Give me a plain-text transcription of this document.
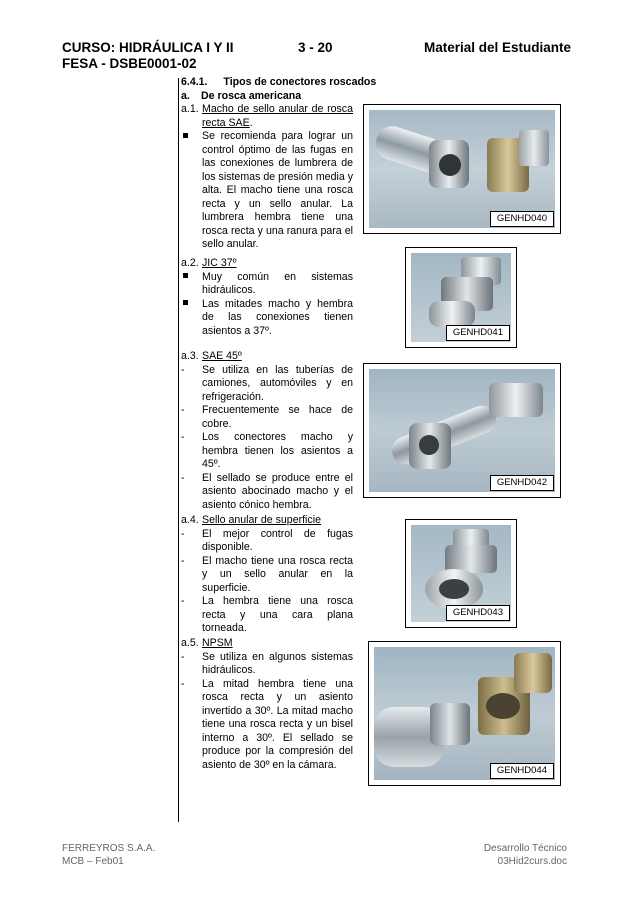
CURSO: HIDRÁULICA I Y II	3 - 20	Material del Estudiante
FESA - DSBE0001-02
6.4.1. Tipos de conectores roscados
a. De rosca americana
a.1. Macho de sello anular de rosca recta SAE.
Se recomienda para lograr un control óptimo de las fugas en las conexiones de lumbrera de los sistemas de presión media y alta. El macho tiene una rosca recta y un sello anular. La lumbrera hembra tiene una rosca recta y una ranura para el sello anular.
a.2. JIC 37º
Muy común en sistemas hidráulicos.
Las mitades macho y hembra de las conexiones tienen asientos a 37º.
a.3. SAE 45º
-	Se utiliza en las tuberías de camiones, automóviles y en refrigeración.
-	Frecuentemente se hace de cobre.
-	Los conectores macho y hembra tienen los asientos a 45º.
-	El sellado se produce entre el asiento abocinado macho y el asiento cónico hembra.
a.4. Sello anular de superficie
-	El mejor control de fugas disponible.
-	El macho tiene una rosca recta y un sello anular en la superficie.
-	La hembra tiene una rosca recta y una cara plana torneada.
a.5. NPSM
-	Se utiliza en algunos sistemas hidráulicos.
-	La mitad hembra tiene una rosca recta y un asiento invertido a 30º. La mitad macho tiene una rosca recta y un bisel interno a 30º. El sellado se produce por la compresión del asiento de 30º en la cámara.
GENHD040
GENHD041
GENHD042
GENHD043
GENHD044
FERREYROS S.A.A.
MCB – Feb01
Desarrollo Técnico
03Hid2curs.doc
